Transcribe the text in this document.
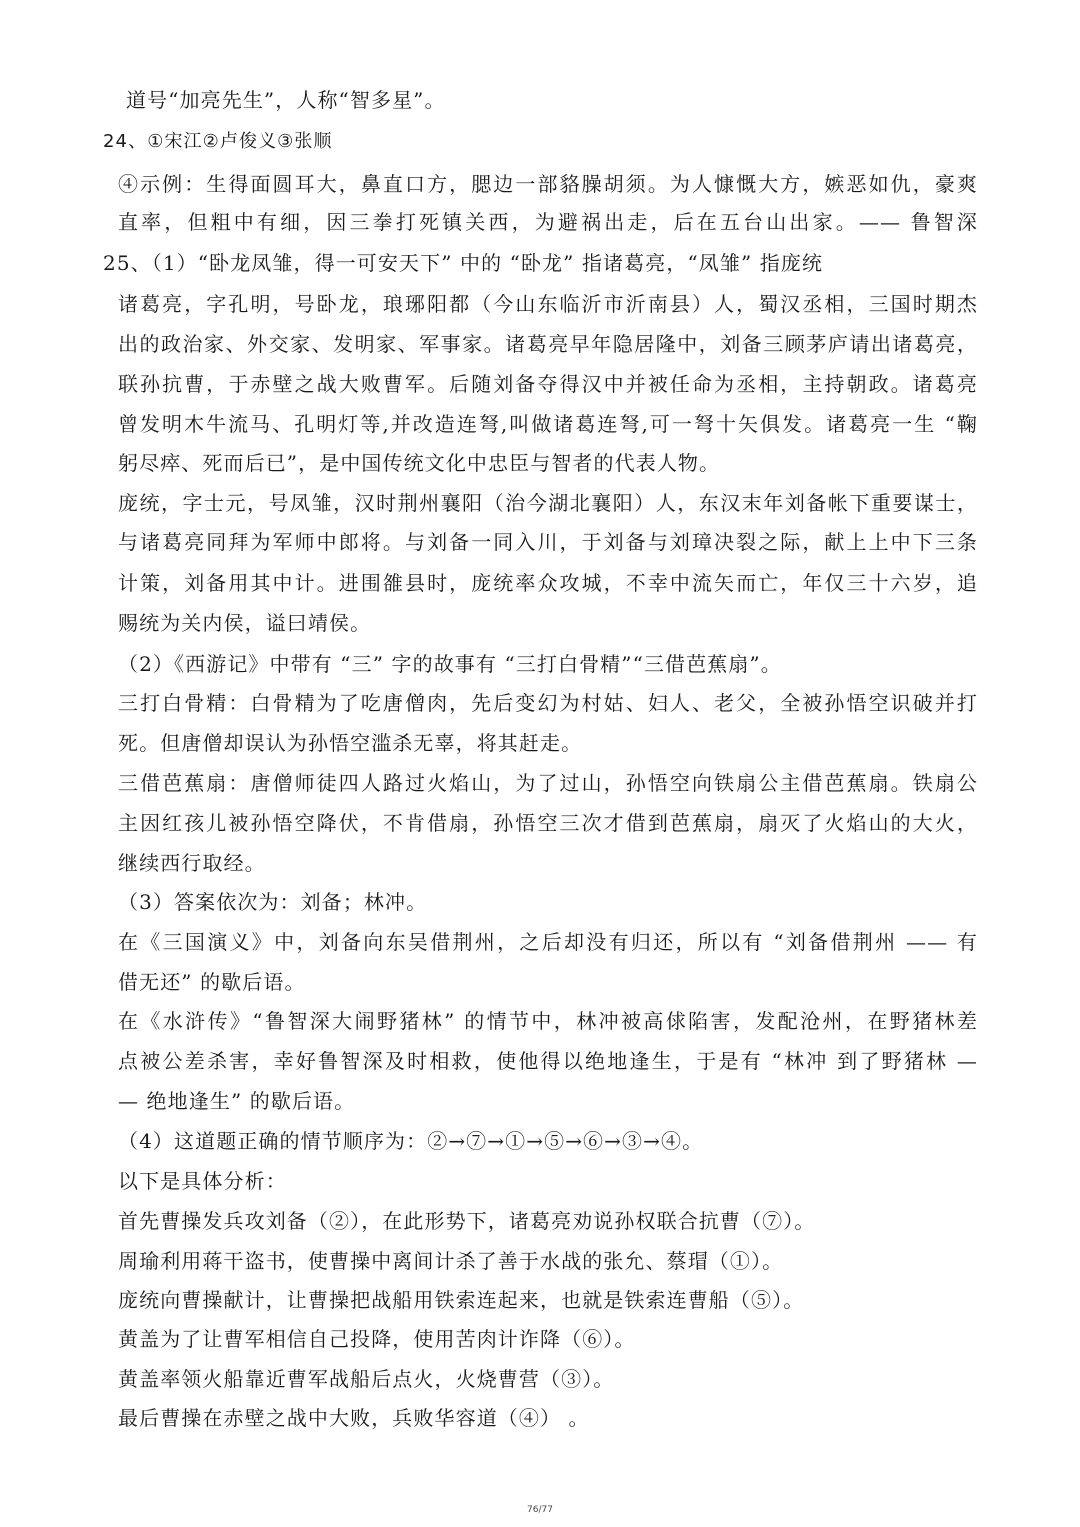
道号“加亮先生”，人称“智多星”。
24、①宋江②卢俊义③张顺
④示例：生得面圆耳大，鼻直口方，腮边一部貉臊胡须。为人慷慨大方，嫉恶如仇，豪爽
直率，但粗中有细，因三拳打死镇关西，为避祸出走，后在五台山出家。—— 鲁智深
25、（1）“卧龙凤雏，得一可安天下” 中的 “卧龙” 指诸葛亮，“凤雏” 指庞统
诸葛亮，字孔明，号卧龙，琅琊阳都（今山东临沂市沂南县）人，蜀汉丞相，三国时期杰
出的政治家、外交家、发明家、军事家。诸葛亮早年隐居隆中，刘备三顾茅庐请出诸葛亮，
联孙抗曹，于赤壁之战大败曹军。后随刘备夺得汉中并被任命为丞相，主持朝政。诸葛亮
曾发明木牛流马、孔明灯等,并改造连弩,叫做诸葛连弩,可一弩十矢俱发。诸葛亮一生 “鞠
躬尽瘁、死而后已”，是中国传统文化中忠臣与智者的代表人物。
庞统，字士元，号凤雏，汉时荆州襄阳（治今湖北襄阳）人，东汉末年刘备帐下重要谋士，
与诸葛亮同拜为军师中郎将。与刘备一同入川，于刘备与刘璋决裂之际，献上上中下三条
计策，刘备用其中计。进围雒县时，庞统率众攻城，不幸中流矢而亡，年仅三十六岁，追
赐统为关内侯，谥曰靖侯。
（2）《西游记》中带有 “三” 字的故事有 “三打白骨精”“三借芭蕉扇”。
三打白骨精：白骨精为了吃唐僧肉，先后变幻为村姑、妇人、老父，全被孙悟空识破并打
死。但唐僧却误认为孙悟空滥杀无辜，将其赶走。
三借芭蕉扇：唐僧师徒四人路过火焰山，为了过山，孙悟空向铁扇公主借芭蕉扇。铁扇公
主因红孩儿被孙悟空降伏，不肯借扇，孙悟空三次才借到芭蕉扇，扇灭了火焰山的大火，
继续西行取经。
（3）答案依次为：刘备；林冲。
在《三国演义》中，刘备向东吴借荆州，之后却没有归还，所以有 “刘备借荆州 —— 有
借无还” 的歇后语。
在《水浒传》“鲁智深大闹野猪林” 的情节中，林冲被高俅陷害，发配沧州，在野猪林差
点被公差杀害，幸好鲁智深及时相救，使他得以绝地逢生，于是有 “林冲 到了野猪林 —
— 绝地逢生” 的歇后语。
（4）这道题正确的情节顺序为：②→⑦→①→⑤→⑥→③→④。
以下是具体分析：
首先曹操发兵攻刘备（②），在此形势下，诸葛亮劝说孙权联合抗曹（⑦）。
周瑜利用蒋干盗书，使曹操中离间计杀了善于水战的张允、蔡瑁（①）。
庞统向曹操献计，让曹操把战船用铁索连起来，也就是铁索连曹船（⑤）。
黄盖为了让曹军相信自己投降，使用苦肉计诈降（⑥）。
黄盖率领火船靠近曹军战船后点火，火烧曹营（③）。
最后曹操在赤壁之战中大败，兵败华容道（④） 。
76/77
